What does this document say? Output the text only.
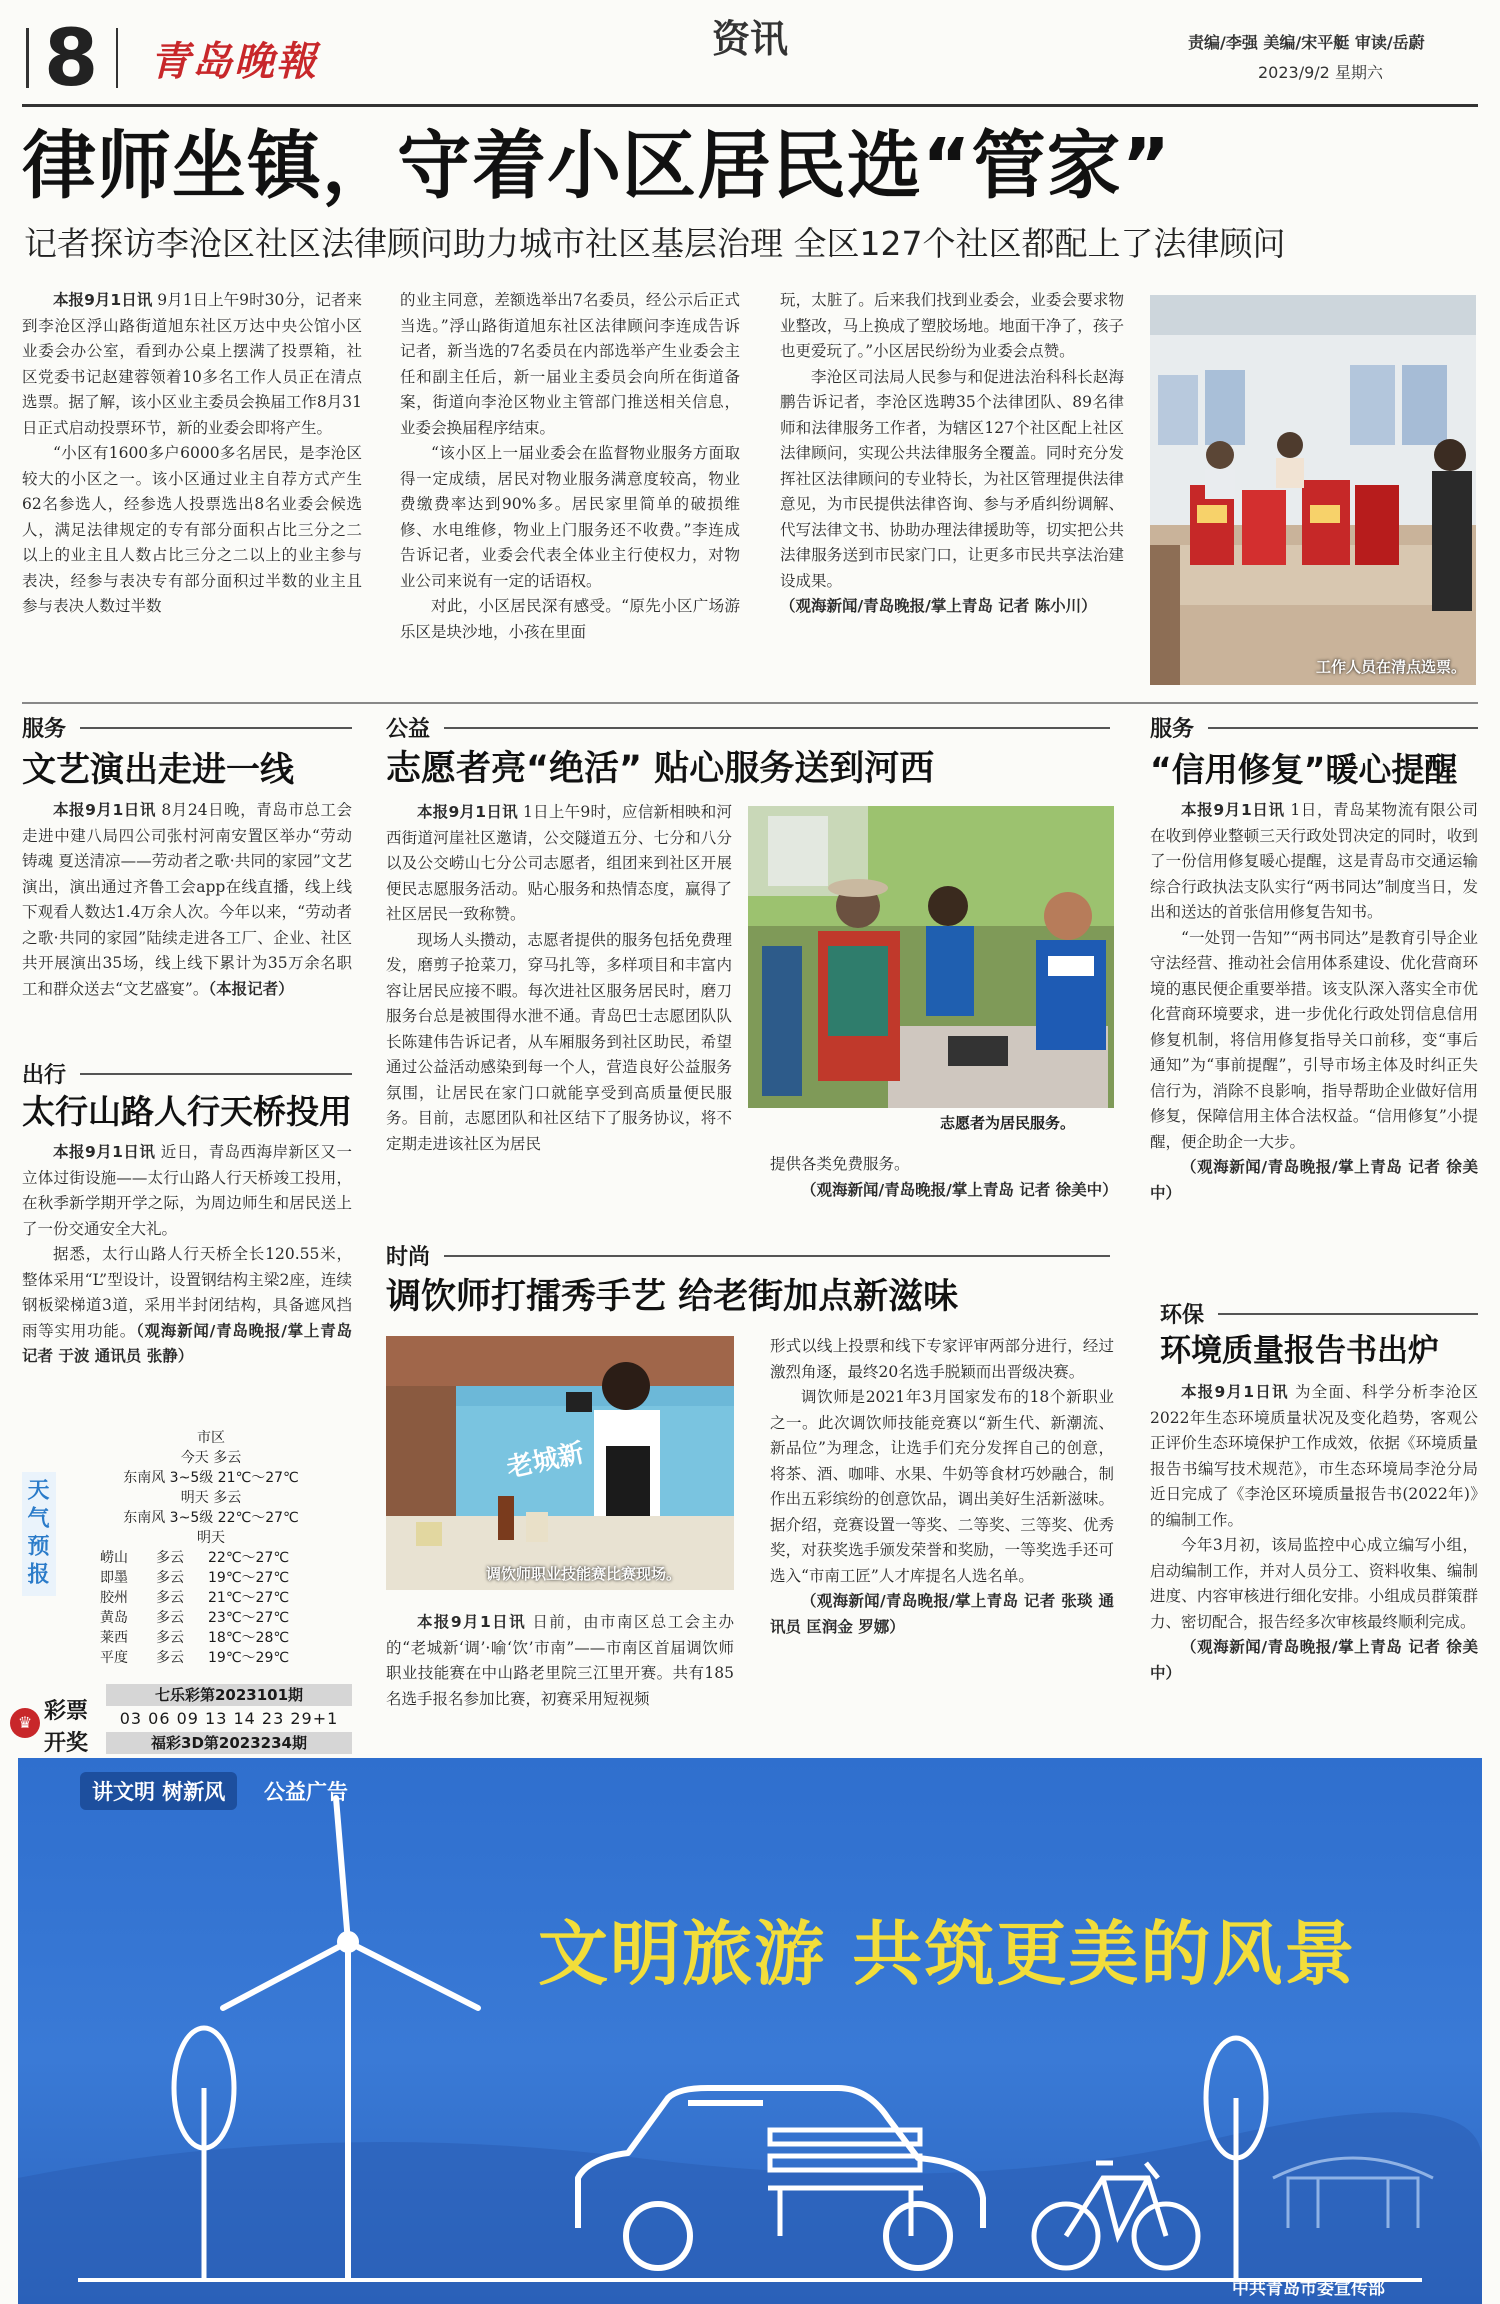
8 青岛晚報	资讯	责编/李强 美编/宋平艇 审读/岳蔚
2023/9/2 星期六
律师坐镇，守着小区居民选“管家”
记者探访李沧区社区法律顾问助力城市社区基层治理 全区127个社区都配上了法律顾问

本报9月1日讯 9月1日上午9时30分，记者来到李沧区浮山路街道旭东社区万达中央公馆小区业委会办公室，看到办公桌上摆满了投票箱，社区党委书记赵建蓉领着10多名工作人员正在清点选票。据了解，该小区业主委员会换届工作8月31日正式启动投票环节，新的业委会即将产生。

“小区有1600多户6000多名居民，是李沧区较大的小区之一。该小区通过业主自荐方式产生62名参选人，经参选人投票选出8名业委会候选人，满足法律规定的专有部分面积占比三分之二以上的业主且人数占比三分之二以上的业主参与表决，经参与表决专有部分面积过半数的业主且参与表决人数过半数

的业主同意，差额选举出7名委员，经公示后正式当选。”浮山路街道旭东社区法律顾问李连成告诉记者，新当选的7名委员在内部选举产生业委会主任和副主任后，新一届业主委员会向所在街道备案，街道向李沧区物业主管部门推送相关信息，业委会换届程序结束。

“该小区上一届业委会在监督物业服务方面取得一定成绩，居民对物业服务满意度较高，物业费缴费率达到90%多。居民家里简单的破损维修、水电维修，物业上门服务还不收费。”李连成告诉记者，业委会代表全体业主行使权力，对物业公司来说有一定的话语权。

对此，小区居民深有感受。“原先小区广场游乐区是块沙地，小孩在里面

玩，太脏了。后来我们找到业委会，业委会要求物业整改，马上换成了塑胶场地。地面干净了，孩子也更爱玩了。”小区居民纷纷为业委会点赞。

李沧区司法局人民参与和促进法治科科长赵海鹏告诉记者，李沧区选聘35个法律团队、89名律师和法律服务工作者，为辖区127个社区配上社区法律顾问，实现公共法律服务全覆盖。同时充分发挥社区法律顾问的专业特长，为社区管理提供法律意见，为市民提供法律咨询、参与矛盾纠纷调解、代写法律文书、协助办理法律援助等，切实把公共法律服务送到市民家门口，让更多市民共享法治建设成果。

（观海新闻/青岛晚报/掌上青岛 记者 陈小川）

工作人员在清点选票。
服务
文艺演出走进一线

本报9月1日讯 8月24日晚，青岛市总工会走进中建八局四公司张村河南安置区举办“劳动铸魂 夏送清凉——劳动者之歌·共同的家园”文艺演出，演出通过齐鲁工会app在线直播，线上线下观看人数达1.4万余人次。今年以来，“劳动者之歌·共同的家园”陆续走进各工厂、企业、社区共开展演出35场，线上线下累计为35万余名职工和群众送去“文艺盛宴”。（本报记者）

出行
太行山路人行天桥投用

本报9月1日讯 近日，青岛西海岸新区又一立体过街设施——太行山路人行天桥竣工投用，在秋季新学期开学之际，为周边师生和居民送上了一份交通安全大礼。

据悉，太行山路人行天桥全长120.55米，整体采用“L”型设计，设置钢结构主梁2座，连续钢板梁梯道3道，采用半封闭结构，具备遮风挡雨等实用功能。（观海新闻/青岛晚报/掌上青岛 记者 于波 通讯员 张静）

天气预报
市区
今天 多云
东南风 3~5级 21℃～27℃
明天 多云
东南风 3~5级 22℃～27℃
明天
崂山	多云	22℃～27℃
即墨	多云	19℃～27℃
胶州	多云	21℃～27℃
黄岛	多云	23℃～27℃
莱西	多云	18℃～28℃
平度	多云	19℃～29℃
♛ 彩票
开奖
七乐彩第2023101期
03 06 09 13 14 23 29+1
福彩3D第2023234期
公益
志愿者亮“绝活” 贴心服务送到河西

本报9月1日讯 1日上午9时，应信新相映和河西街道河崖社区邀请，公交隧道五分、七分和八分以及公交崂山七分公司志愿者，组团来到社区开展便民志愿服务活动。贴心服务和热情态度，赢得了社区居民一致称赞。

现场人头攒动，志愿者提供的服务包括免费理发，磨剪子抢菜刀，穿马扎等，多样项目和丰富内容让居民应接不暇。每次进社区服务居民时，磨刀服务台总是被围得水泄不通。青岛巴士志愿团队队长陈建伟告诉记者，从车厢服务到社区助民，希望通过公益活动感染到每一个人，营造良好公益服务氛围，让居民在家门口就能享受到高质量便民服务。目前，志愿团队和社区结下了服务协议，将不定期走进该社区为居民

志愿者为居民服务。

提供各类免费服务。

（观海新闻/青岛晚报/掌上青岛 记者 徐美中）

时尚
调饮师打擂秀手艺 给老街加点新滋味
老城新
调饮师职业技能赛比赛现场。

本报9月1日讯 日前，由市南区总工会主办的“老城新‘调’·喻‘饮’市南”——市南区首届调饮师职业技能赛在中山路老里院三江里开赛。共有185名选手报名参加比赛，初赛采用短视频

形式以线上投票和线下专家评审两部分进行，经过激烈角逐，最终20名选手脱颖而出晋级决赛。

调饮师是2021年3月国家发布的18个新职业之一。此次调饮师技能竞赛以“新生代、新潮流、新品位”为理念，让选手们充分发挥自己的创意，将茶、酒、咖啡、水果、牛奶等食材巧妙融合，制作出五彩缤纷的创意饮品，调出美好生活新滋味。据介绍，竞赛设置一等奖、二等奖、三等奖、优秀奖，对获奖选手颁发荣誉和奖励，一等奖选手还可选入“市南工匠”人才库提名人选名单。

（观海新闻/青岛晚报/掌上青岛 记者 张琰 通讯员 匡润金 罗娜）

服务
“信用修复”暖心提醒

本报9月1日讯 1日，青岛某物流有限公司在收到停业整顿三天行政处罚决定的同时，收到了一份信用修复暖心提醒，这是青岛市交通运输综合行政执法支队实行“两书同达”制度当日，发出和送达的首张信用修复告知书。

“一处罚一告知”“两书同达”是教育引导企业守法经营、推动社会信用体系建设、优化营商环境的惠民便企重要举措。该支队深入落实全市优化营商环境要求，进一步优化行政处罚信息信用修复机制，将信用修复指导关口前移，变“事后通知”为“事前提醒”，引导市场主体及时纠正失信行为，消除不良影响，指导帮助企业做好信用修复，保障信用主体合法权益。“信用修复”小提醒，便企助企一大步。

（观海新闻/青岛晚报/掌上青岛 记者 徐美中）

环保
环境质量报告书出炉

本报9月1日讯 为全面、科学分析李沧区2022年生态环境质量状况及变化趋势，客观公正评价生态环境保护工作成效，依据《环境质量报告书编写技术规范》，市生态环境局李沧分局近日完成了《李沧区环境质量报告书(2022年)》的编制工作。

今年3月初，该局监控中心成立编写小组，启动编制工作，并对人员分工、资料收集、编制进度、内容审核进行细化安排。小组成员群策群力、密切配合，报告经多次审核最终顺利完成。

（观海新闻/青岛晚报/掌上青岛 记者 徐美中）

讲文明 树新风	公益广告
文明旅游 共筑更美的风景
中共青岛市委宣传部
